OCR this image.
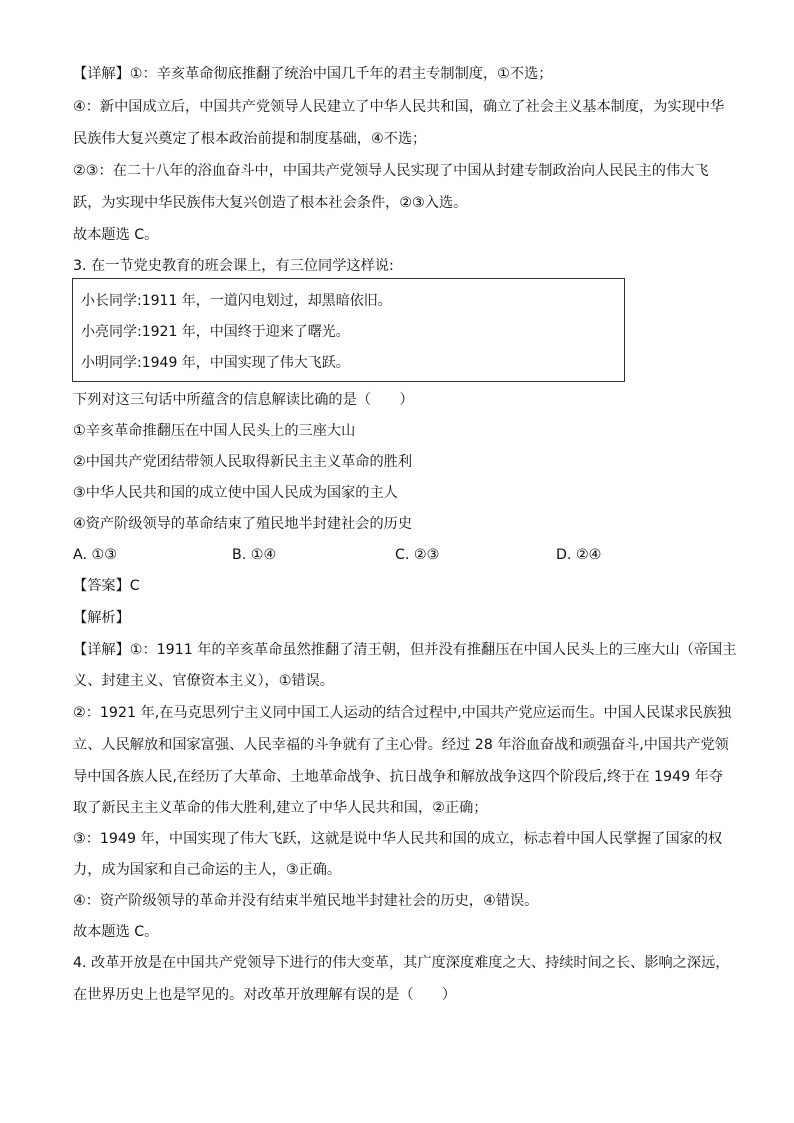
【详解】①：辛亥革命彻底推翻了统治中国几千年的君主专制制度，①不选；
④：新中国成立后，中国共产党领导人民建立了中华人民共和国，确立了社会主义基本制度，为实现中华
民族伟大复兴奠定了根本政治前提和制度基础，④不选；
②③：在二十八年的浴血奋斗中，中国共产党领导人民实现了中国从封建专制政治向人民民主的伟大飞
跃，为实现中华民族伟大复兴创造了根本社会条件，②③入选。
故本题选 C。
3. 在一节党史教育的班会课上，有三位同学这样说:
小长同学:1911 年，一道闪电划过，却黑暗依旧。
小亮同学:1921 年，中国终于迎来了曙光。
小明同学:1949 年，中国实现了伟大飞跃。
下列对这三句话中所蕴含的信息解读比确的是（　　）
①辛亥革命推翻压在中国人民头上的三座大山
②中国共产党团结带领人民取得新民主主义革命的胜利
③中华人民共和国的成立使中国人民成为国家的主人
④资产阶级领导的革命结束了殖民地半封建社会的历史
A. ①③	B. ①④	C. ②③	D. ②④
【答案】C
【解析】
【详解】①：1911 年的辛亥革命虽然推翻了清王朝，但并没有推翻压在中国人民头上的三座大山（帝国主
义、封建主义、官僚资本主义），①错误。
②：1921 年,在马克思列宁主义同中国工人运动的结合过程中,中国共产党应运而生。中国人民谋求民族独
立、人民解放和国家富强、人民幸福的斗争就有了主心骨。经过 28 年浴血奋战和顽强奋斗,中国共产党领
导中国各族人民,在经历了大革命、土地革命战争、抗日战争和解放战争这四个阶段后,终于在 1949 年夺
取了新民主主义革命的伟大胜利,建立了中华人民共和国，②正确；
③：1949 年，中国实现了伟大飞跃，这就是说中华人民共和国的成立，标志着中国人民掌握了国家的权
力，成为国家和自己命运的主人，③正确。
④：资产阶级领导的革命并没有结束半殖民地半封建社会的历史，④错误。
故本题选 C。
4. 改革开放是在中国共产党领导下进行的伟大变革，其广度深度难度之大、持续时间之长、影响之深远，
在世界历史上也是罕见的。对改革开放理解有误的是（　　）
